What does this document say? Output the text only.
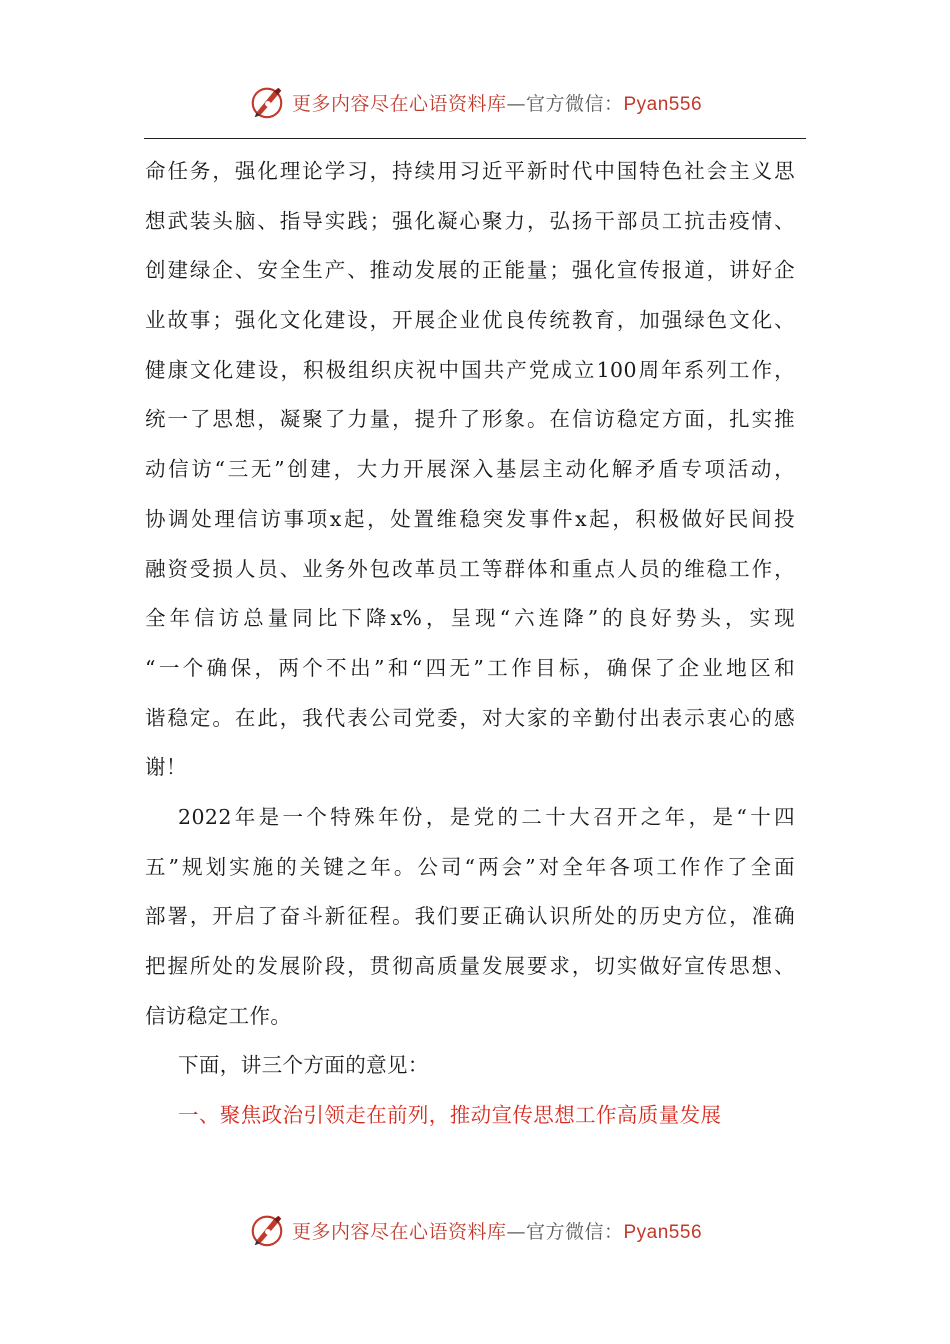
更多内容尽在心语资料库—官方微信：Pyan556
命任务，强化理论学习，持续用习近平新时代中国特色社会主义思
想武装头脑、指导实践；强化凝心聚力，弘扬干部员工抗击疫情、
创建绿企、安全生产、推动发展的正能量；强化宣传报道，讲好企
业故事；强化文化建设，开展企业优良传统教育，加强绿色文化、
健康文化建设，积极组织庆祝中国共产党成立100周年系列工作，
统一了思想，凝聚了力量，提升了形象。在信访稳定方面，扎实推
动信访“三无”创建，大力开展深入基层主动化解矛盾专项活动，
协调处理信访事项x起，处置维稳突发事件x起，积极做好民间投
融资受损人员、业务外包改革员工等群体和重点人员的维稳工作，
全年信访总量同比下降x%，呈现“六连降”的良好势头，实现
“一个确保，两个不出”和“四无”工作目标，确保了企业地区和
谐稳定。在此，我代表公司党委，对大家的辛勤付出表示衷心的感
谢！
2022年是一个特殊年份，是党的二十大召开之年，是“十四
五”规划实施的关键之年。公司“两会”对全年各项工作作了全面
部署，开启了奋斗新征程。我们要正确认识所处的历史方位，准确
把握所处的发展阶段，贯彻高质量发展要求，切实做好宣传思想、
信访稳定工作。
下面，讲三个方面的意见：
一、聚焦政治引领走在前列，推动宣传思想工作高质量发展
更多内容尽在心语资料库—官方微信：Pyan556
